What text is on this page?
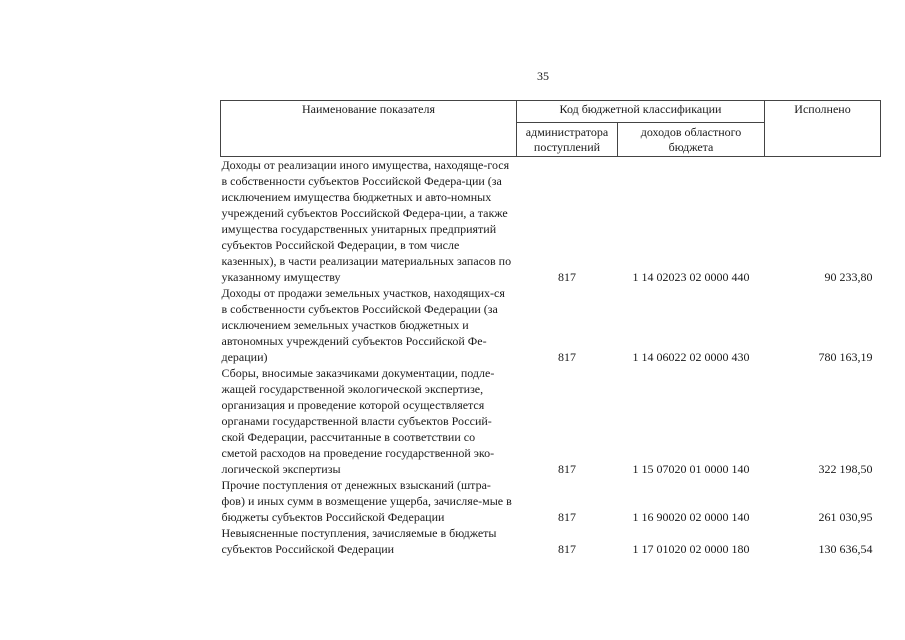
35
Наименование показателя	Код бюджетной классификации		Исполнено
	администратора поступлений	доходов областного бюджета	
Доходы от реализации иного имущества, находяще-гося в собственности субъектов Российской Федера-ции (за исключением имущества бюджетных и авто-номных учреждений субъектов Российской Федера-ции, а также имущества государственных унитарных предприятий субъектов Российской Федерации, в том числе казенных), в части реализации материальных запасов по указанному имуществу	817	1 14 02023 02 0000 440	90 233,80
Доходы от продажи земельных участков, находящих-ся в собственности субъектов Российской Федерации (за исключением земельных участков бюджетных и автономных учреждений субъектов Российской Фе-дерации)	817	1 14 06022 02 0000 430	780 163,19
Сборы, вносимые заказчиками документации, подле-жащей государственной экологической экспертизе, организация и проведение которой осуществляется органами государственной власти субъектов Россий-ской Федерации, рассчитанные в соответствии со сметой расходов на проведение государственной эко-логической экспертизы	817	1 15 07020 01 0000 140	322 198,50
Прочие поступления от денежных взысканий (штра-фов) и иных сумм в возмещение ущерба, зачисляе-мые в бюджеты субъектов Российской Федерации	817	1 16 90020 02 0000 140	261 030,95
Невыясненные поступления, зачисляемые в бюджеты субъектов Российской Федерации	817	1 17 01020 02 0000 180	130 636,54
